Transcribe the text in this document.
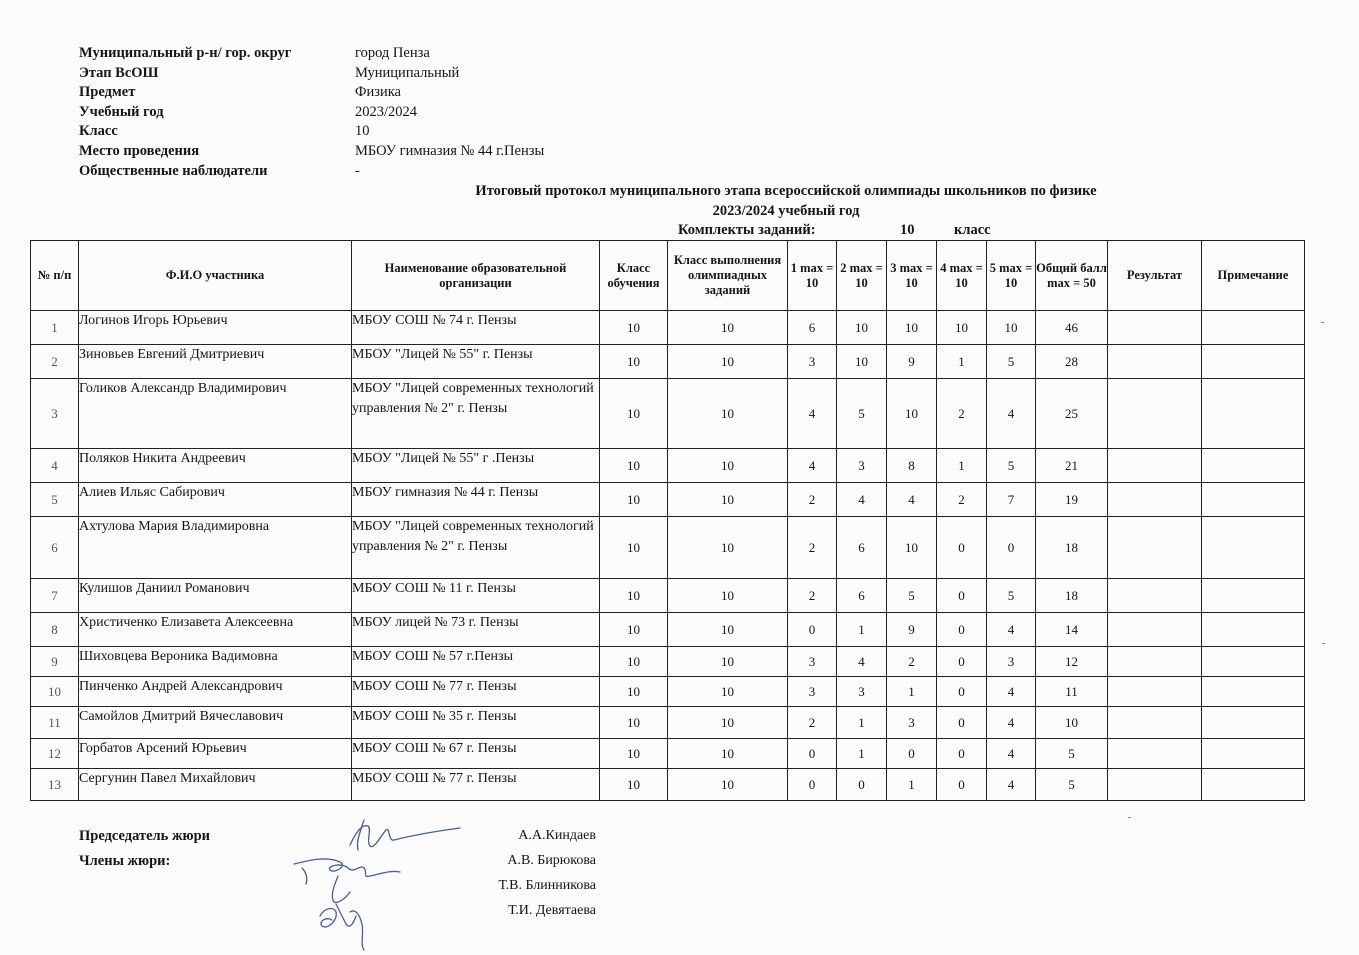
Муниципальный р-н/ гор. округ	город Пенза
Этап ВсОШ	Муниципальный
Предмет	Физика
Учебный год	2023/2024
Класс	10
Место проведения	МБОУ гимназия № 44 г.Пензы
Общественные наблюдатели	-
Итоговый протокол муниципального этапа всероссийской олимпиады школьников по физике
2023/2024 учебный год
Комплекты заданий:	10	класс
№ п/п	Ф.И.О участника	Наименование образовательной организации	Класс обучения	Класс выполнения олимпиадных заданий	1 max = 10	2 max = 10	3 max = 10	4 max = 10	5 max = 10	Общий балл max = 50	Результат	Примечание
1	Логинов Игорь Юрьевич	МБОУ СОШ № 74 г. Пензы	10	10	6	10	10	10	10	46		
2	Зиновьев Евгений Дмитриевич	МБОУ "Лицей № 55" г. Пензы	10	10	3	10	9	1	5	28		
3	Голиков Александр Владимирович	МБОУ "Лицей современных технологий управления № 2" г. Пензы	10	10	4	5	10	2	4	25		
4	Поляков Никита Андреевич	МБОУ "Лицей № 55" г .Пензы	10	10	4	3	8	1	5	21		
5	Алиев Ильяс Сабирович	МБОУ гимназия № 44 г. Пензы	10	10	2	4	4	2	7	19		
6	Ахтулова Мария Владимировна	МБОУ "Лицей современных технологий управления № 2" г. Пензы	10	10	2	6	10	0	0	18		
7	Кулишов Даниил Романович	МБОУ СОШ № 11 г. Пензы	10	10	2	6	5	0	5	18		
8	Христиченко Елизавета Алексеевна	МБОУ лицей № 73 г. Пензы	10	10	0	1	9	0	4	14		
9	Шиховцева Вероника Вадимовна	МБОУ СОШ № 57 г.Пензы	10	10	3	4	2	0	3	12		
10	Пинченко Андрей Александрович	МБОУ СОШ № 77 г. Пензы	10	10	3	3	1	0	4	11		
11	Самойлов Дмитрий Вячеславович	МБОУ СОШ № 35 г. Пензы	10	10	2	1	3	0	4	10		
12	Горбатов Арсений Юрьевич	МБОУ СОШ № 67 г. Пензы	10	10	0	1	0	0	4	5		
13	Сергунин Павел Михайлович	МБОУ СОШ № 77 г. Пензы	10	10	0	0	1	0	4	5		
Председатель жюри
Члены жюри:
А.А.Киндаев
А.В. Бирюкова
Т.В. Блинникова
Т.И. Девятаева
